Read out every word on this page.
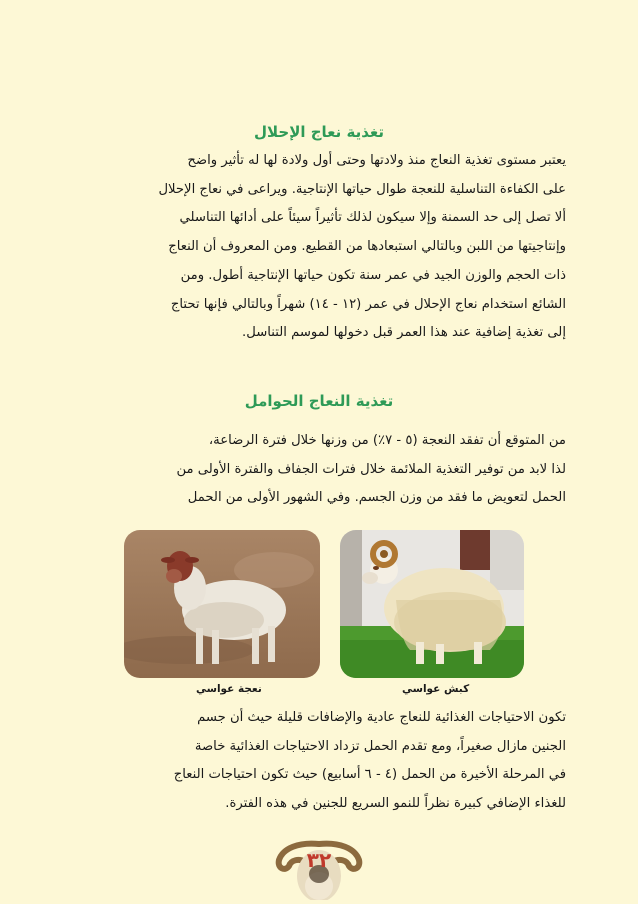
تغذية نعاج الإحلال
يعتبر مستوى تغذية النعاج منذ ولادتها وحتى أول ولادة لها له تأثير واضح
على الكفاءة التناسلية للنعجة طوال حياتها الإنتاجية. ويراعى في نعاج الإحلال
ألا تصل إلى حد السمنة وإلا سيكون لذلك تأثيراً سيئاً على أدائها التناسلي
وإنتاجيتها من اللبن وبالتالي استبعادها من القطيع. ومن المعروف أن النعاج
ذات الحجم والوزن الجيد في عمر سنة تكون حياتها الإنتاجية أطول. ومن
الشائع استخدام نعاج الإحلال في عمر (١٢ - ١٤) شهراً وبالتالي فإنها تحتاج
إلى تغذية إضافية عند هذا العمر قبل دخولها لموسم التناسل.
تغذية النعاج الحوامل
من المتوقع أن تفقد النعجة (٥ - ٧٪) من وزنها خلال فترة الرضاعة،
لذا لابد من توفير التغذية الملائمة خلال فترات الجفاف والفترة الأولى من
الحمل لتعويض ما فقد من وزن الجسم. وفي الشهور الأولى من الحمل
نعجة عواسي	كبش عواسي
تكون الاحتياجات الغذائية للنعاج عادية والإضافات قليلة حيث أن جسم
الجنين مازال صغيراً، ومع تقدم الحمل تزداد الاحتياجات الغذائية خاصة
في المرحلة الأخيرة من الحمل (٤ - ٦ أسابيع) حيث تكون احتياجات النعاج
للغذاء الإضافي كبيرة نظراً للنمو السريع للجنين في هذه الفترة.
٣٢
